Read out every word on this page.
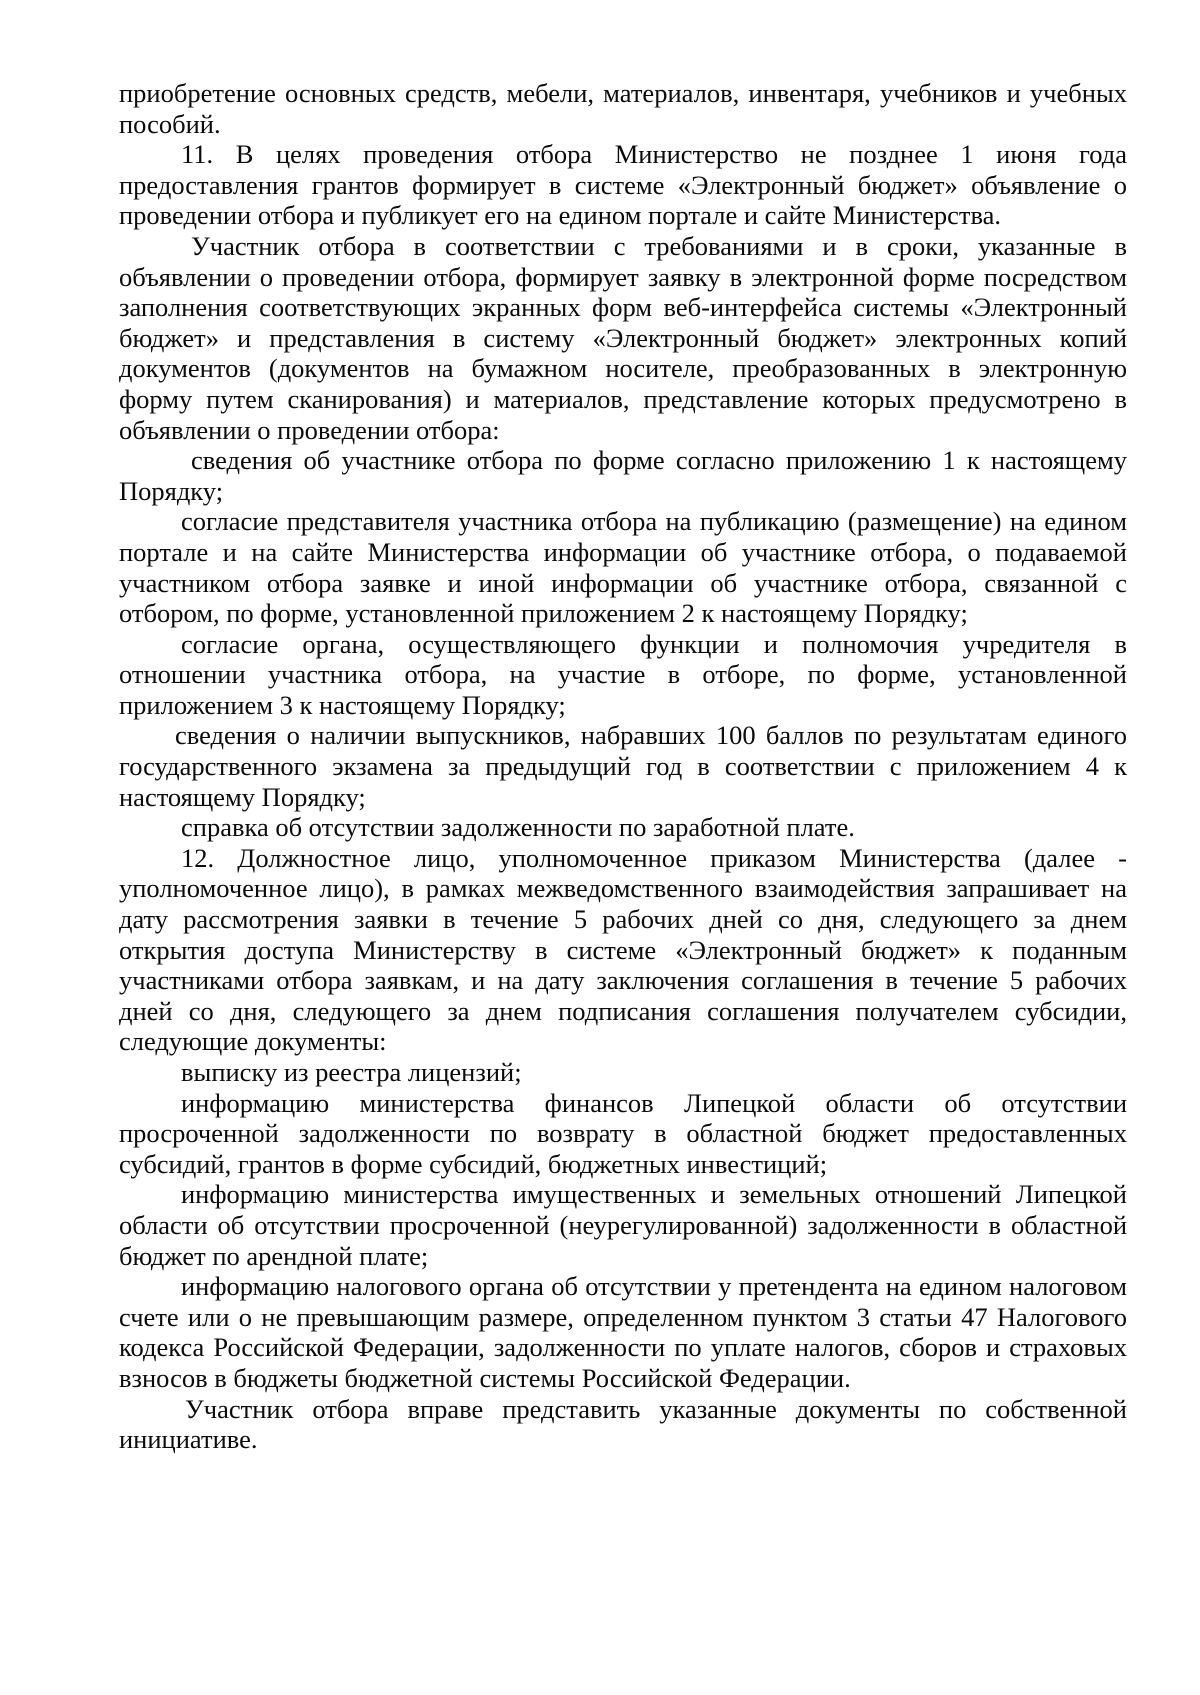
приобретение основных средств, мебели, материалов, инвентаря, учебников и учебных пособий.

11. В целях проведения отбора Министерство не позднее 1 июня года предоставления грантов формирует в системе «Электронный бюджет» объявление о проведении отбора и публикует его на едином портале и сайте Министерства.

Участник отбора в соответствии с требованиями и в сроки, указанные в объявлении о проведении отбора, формирует заявку в электронной форме посредством заполнения соответствующих экранных форм веб-интерфейса системы «Электронный бюджет» и представления в систему «Электронный бюджет» электронных копий документов (документов на бумажном носителе, преобразованных в электронную форму путем сканирования) и материалов, представление которых предусмотрено в объявлении о проведении отбора:

сведения об участнике отбора по форме согласно приложению 1 к настоящему Порядку;

согласие представителя участника отбора на публикацию (размещение) на едином портале и на сайте Министерства информации об участнике отбора, о подаваемой участником отбора заявке и иной информации об участнике отбора, связанной с отбором, по форме, установленной приложением 2 к настоящему Порядку;

согласие органа, осуществляющего функции и полномочия учредителя в отношении участника отбора, на участие в отборе, по форме, установленной приложением 3 к настоящему Порядку;

сведения о наличии выпускников, набравших 100 баллов по результатам единого государственного экзамена за предыдущий год в соответствии с приложением 4 к настоящему Порядку;

справка об отсутствии задолженности по заработной плате.

12. Должностное лицо, уполномоченное приказом Министерства (далее - уполномоченное лицо), в рамках межведомственного взаимодействия запрашивает на дату рассмотрения заявки в течение 5 рабочих дней со дня, следующего за днем открытия доступа Министерству в системе «Электронный бюджет» к поданным участниками отбора заявкам, и на дату заключения соглашения в течение 5 рабочих дней со дня, следующего за днем подписания соглашения получателем субсидии, следующие документы:

выписку из реестра лицензий;

информацию министерства финансов Липецкой области об отсутствии просроченной задолженности по возврату в областной бюджет предоставленных субсидий, грантов в форме субсидий, бюджетных инвестиций;

информацию министерства имущественных и земельных отношений Липецкой области об отсутствии просроченной (неурегулированной) задолженности в областной бюджет по арендной плате;

информацию налогового органа об отсутствии у претендента на едином налоговом счете или о не превышающим размере, определенном пунктом 3 статьи 47 Налогового кодекса Российской Федерации, задолженности по уплате налогов, сборов и страховых взносов в бюджеты бюджетной системы Российской Федерации.

Участник отбора вправе представить указанные документы по собственной инициативе.
